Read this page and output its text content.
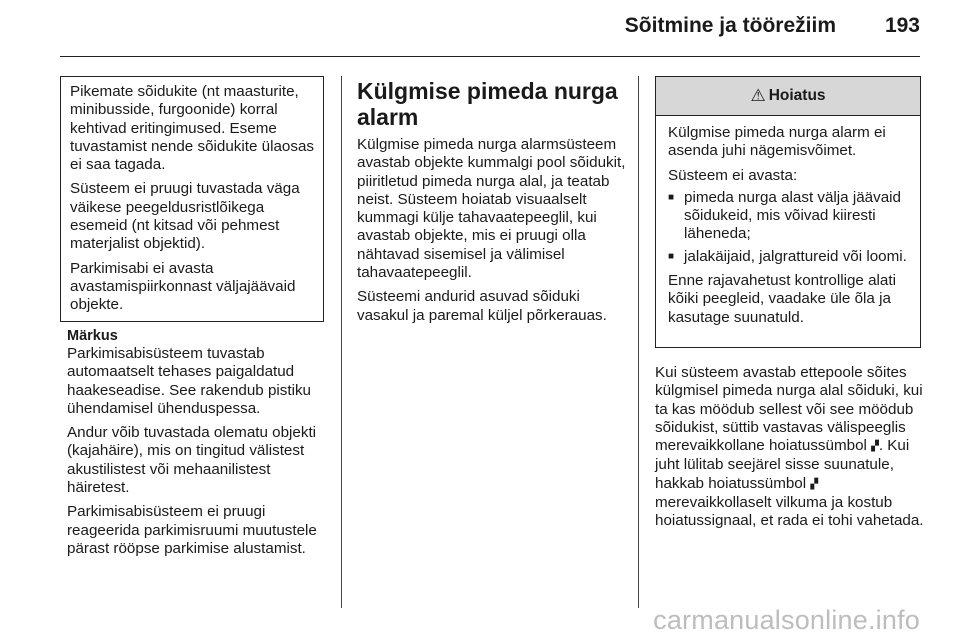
Sõitmine ja töörežiim 193

Pikemate sõidukite (nt maasturite, minibusside, furgoonide) korral kehtivad eritingimused. Eseme tuvastamist nende sõidukite ülaosas ei saa tagada.

Süsteem ei pruugi tuvastada väga väikese peegeldusristlõikega esemeid (nt kitsad või pehmest materjalist objektid).

Parkimisabi ei avasta avastamispiirkonnast väljajäävaid objekte.

Märkus

Parkimisabisüsteem tuvastab automaatselt tehases paigaldatud haakeseadise. See rakendub pistiku ühendamisel ühenduspessa.

Andur võib tuvastada olematu objekti (kajahäire), mis on tingitud välistest akustilistest või mehaanilistest häiretest.

Parkimisabisüsteem ei pruugi reageerida parkimisruumi muutustele pärast rööpse parkimise alustamist.

Külgmise pimeda nurga alarm

Külgmise pimeda nurga alarmsüsteem avastab objekte kummalgi pool sõidukit, piiritletud pimeda nurga alal, ja teatab neist. Süsteem hoiatab visuaalselt kummagi külje tahavaatepeeglil, kui avastab objekte, mis ei pruugi olla nähtavad sisemisel ja välimisel tahavaatepeeglil.

Süsteemi andurid asuvad sõiduki vasakul ja paremal küljel põrkerauas.

⚠ Hoiatus

Külgmise pimeda nurga alarm ei asenda juhi nägemisvõimet.

Süsteem ei avasta:

■ pimeda nurga alast välja jäävaid sõidukeid, mis võivad kiiresti läheneda;
■ jalakäijaid, jalgrattureid või loomi.

Enne rajavahetust kontrollige alati kõiki peegleid, vaadake üle õla ja kasutage suunatuld.

Kui süsteem avastab ettepoole sõites külgmisel pimeda nurga alal sõiduki, kui ta kas möödub sellest või see möödub sõidukist, süttib vastavas välispeeglis merevaikkollane hoiatussümbol ▞. Kui juht lülitab seejärel sisse suunatule, hakkab hoiatussümbol ▞ merevaikkollaselt vilkuma ja kostub hoiatussignaal, et rada ei tohi vahetada.

carmanualsonline.info
